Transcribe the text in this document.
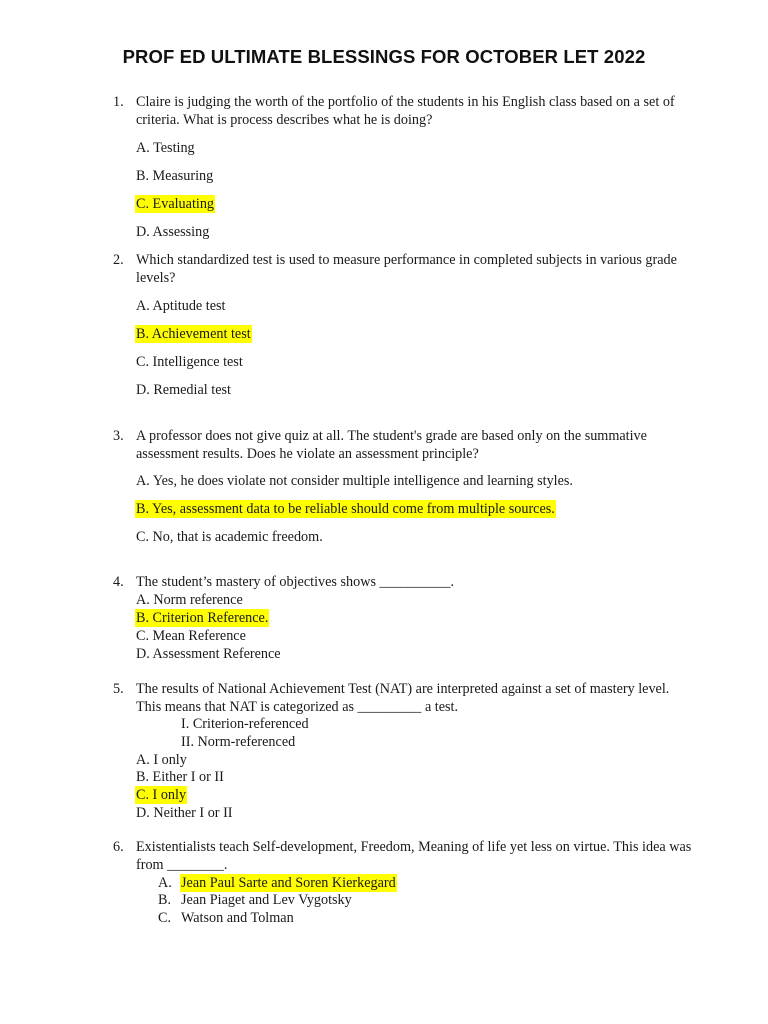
PROF ED ULTIMATE BLESSINGS FOR OCTOBER LET 2022
1. Claire is judging the worth of the portfolio of the students in his English class based on a set of
criteria. What is process describes what he is doing?
A. Testing
B. Measuring
C. Evaluating
D. Assessing
2. Which standardized test is used to measure performance in completed subjects in various grade
levels?
A. Aptitude test
B. Achievement test
C. Intelligence test
D. Remedial test
3. A professor does not give quiz at all. The student's grade are based only on the summative
assessment results. Does he violate an assessment principle?
A. Yes, he does violate not consider multiple intelligence and learning styles.
B. Yes, assessment data to be reliable should come from multiple sources.
C. No, that is academic freedom.
4. The student’s mastery of objectives shows __________.
A. Norm reference
B. Criterion Reference.
C. Mean Reference
D. Assessment Reference
5. The results of National Achievement Test (NAT) are interpreted against a set of mastery level.
This means that NAT is categorized as _________ a test.
I. Criterion-referenced
II. Norm-referenced
A. I only
B. Either I or II
C. I only
D. Neither I or II
6. Existentialists teach Self-development, Freedom, Meaning of life yet less on virtue. This idea was
from ________.
A. Jean Paul Sarte and Soren Kierkegard
B. Jean Piaget and Lev Vygotsky
C. Watson and Tolman
